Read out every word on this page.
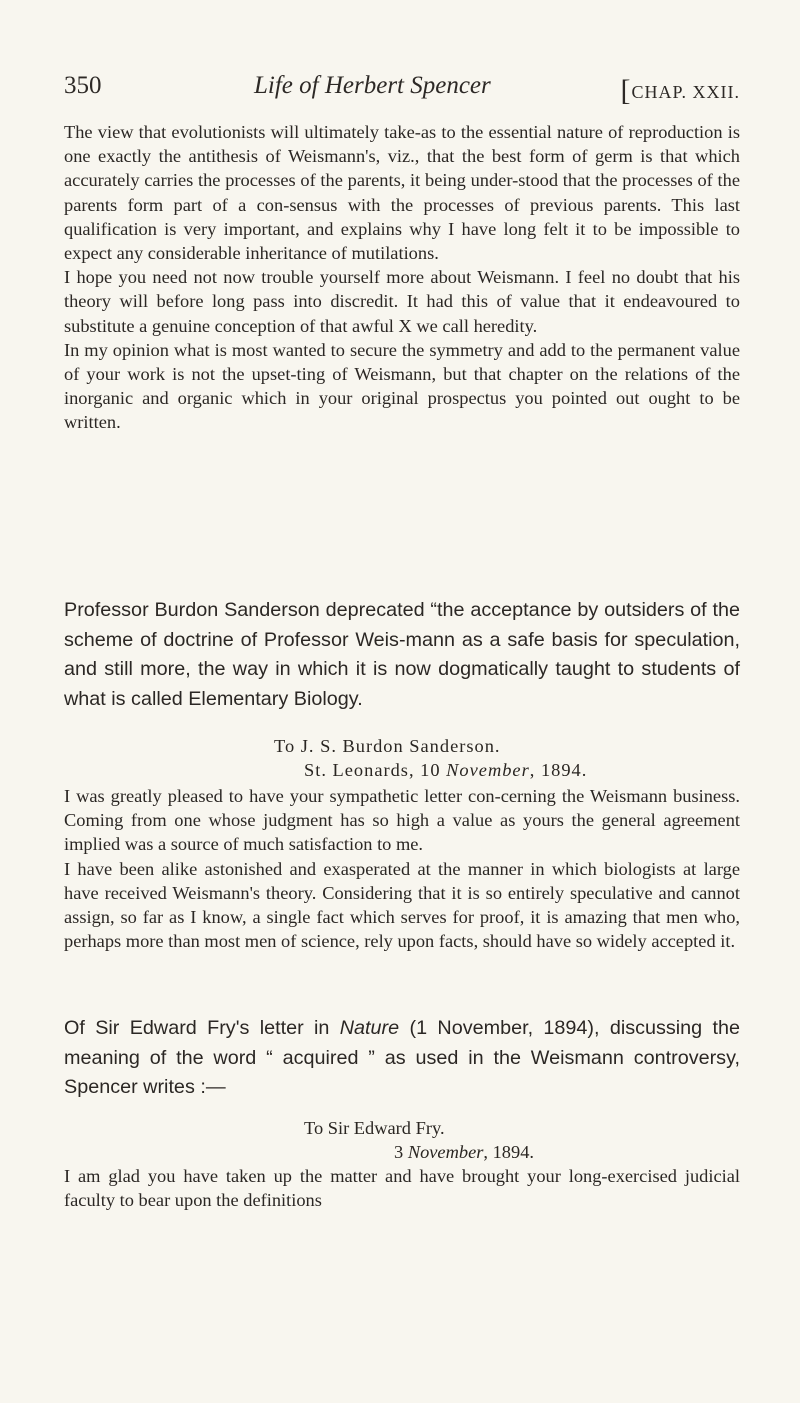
350	Life of Herbert Spencer	[CHAP. XXII.

The view that evolutionists will ultimately take-as to the essential nature of reproduction is one exactly the antithesis of Weismann's, viz., that the best form of germ is that which accurately carries the processes of the parents, it being under-stood that the processes of the parents form part of a con-sensus with the processes of previous parents. This last qualification is very important, and explains why I have long felt it to be impossible to expect any considerable inheritance of mutilations.

I hope you need not now trouble yourself more about Weismann. I feel no doubt that his theory will before long pass into discredit. It had this of value that it endeavoured to substitute a genuine conception of that awful X we call heredity.

In my opinion what is most wanted to secure the symmetry and add to the permanent value of your work is not the upset-ting of Weismann, but that chapter on the relations of the inorganic and organic which in your original prospectus you pointed out ought to be written.

Professor Burdon Sanderson deprecated “the acceptance by outsiders of the scheme of doctrine of Professor Weis-mann as a safe basis for speculation, and still more, the way in which it is now dogmatically taught to students of what is called Elementary Biology.

To J. S. Burdon Sanderson.
St. Leonards, 10 November, 1894.

I was greatly pleased to have your sympathetic letter con-cerning the Weismann business. Coming from one whose judgment has so high a value as yours the general agreement implied was a source of much satisfaction to me.

I have been alike astonished and exasperated at the manner in which biologists at large have received Weismann's theory. Considering that it is so entirely speculative and cannot assign, so far as I know, a single fact which serves for proof, it is amazing that men who, perhaps more than most men of science, rely upon facts, should have so widely accepted it.

Of Sir Edward Fry's letter in Nature (1 November, 1894), discussing the meaning of the word “ acquired ” as used in the Weismann controversy, Spencer writes :—

To Sir Edward Fry.
3 November, 1894.

I am glad you have taken up the matter and have brought your long-exercised judicial faculty to bear upon the definitions
